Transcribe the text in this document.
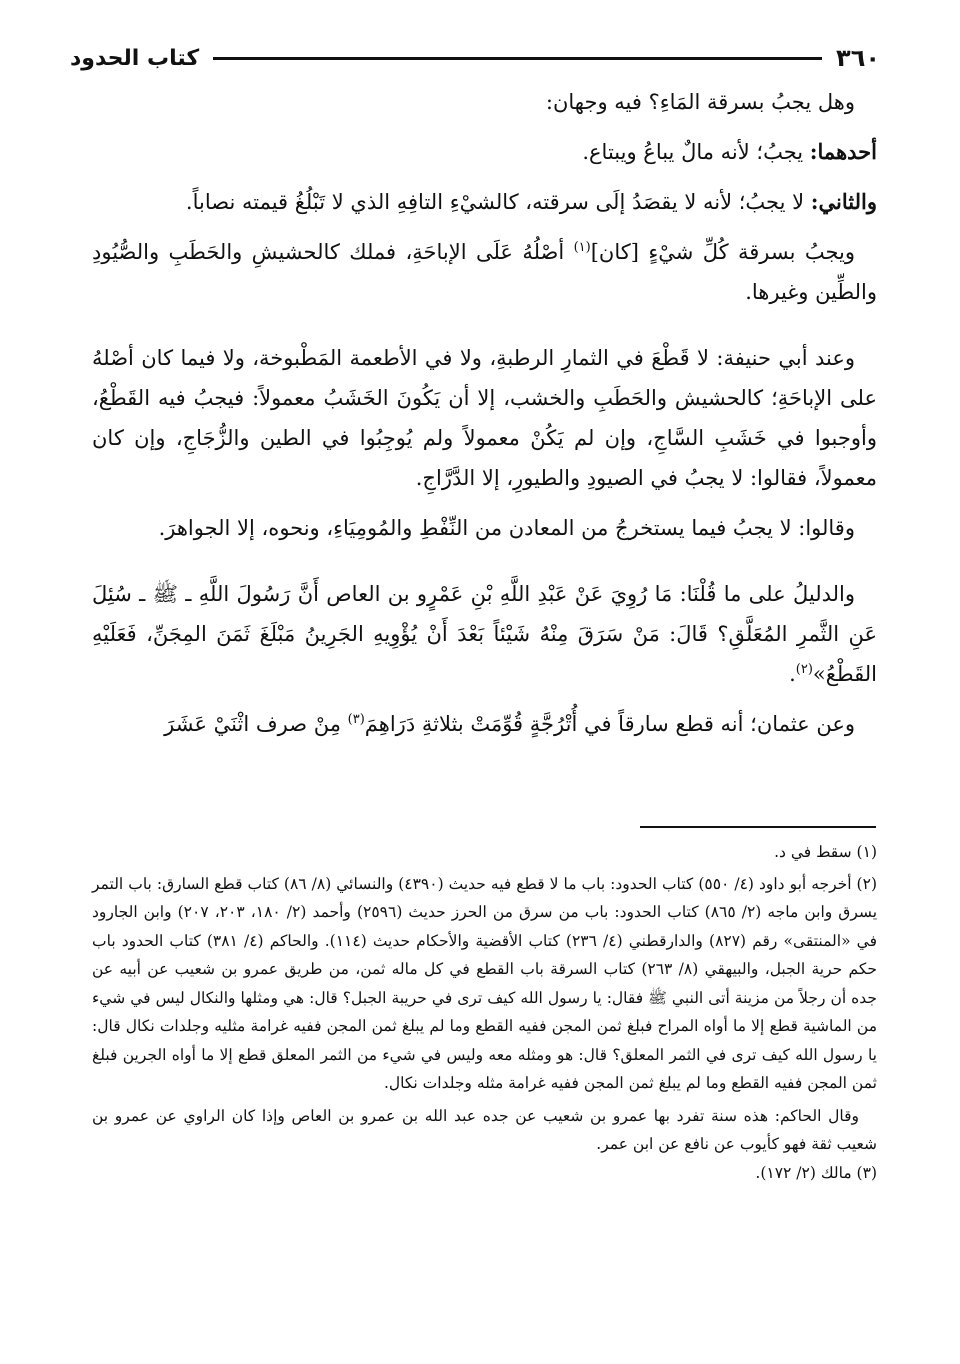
٣٦٠
كتاب الحدود

وهل يجبُ بسرقة المَاءِ؟ فيه وجهان:

أحدهما: يجبُ؛ لأنه مالٌ يباعُ ويبتاع.

والثاني: لا يجبُ؛ لأنه لا يقصَدُ إلَى سرقته، كالشيْءِ التافِهِ الذي لا تَبْلُغُ قيمته نصاباً.

ويجبُ بسرقة كُلِّ شيْءٍ [كان]$^{(١)}$ أصْلُهُ عَلَى الإباحَةِ، فملك كالحشيشِ والحَطَبِ والصُّيُودِ والطِّين وغيرها.

وعند أبي حنيفة: لا قَطْعَ في الثمارِ الرطبةِ، ولا في الأطعمة المَطْبوخة، ولا فيما كان أصْلهُ على الإباحَةِ؛ كالحشيش والحَطَبِ والخشب، إلا أن يَكُونَ الخَشَبُ معمولاً: فيجبُ فيه القَطْعُ، وأوجبوا في خَشَبِ السَّاجِ، وإن لم يَكُنْ معمولاً ولم يُوجِبُوا في الطين والزُّجَاجِ، وإن كان معمولاً، فقالوا: لا يجبُ في الصيودِ والطيورِ، إلا الدَّرَّاجِ.

وقالوا: لا يجبُ فيما يستخرجُ من المعادن من النِّفْطِ والمُومِيَاءِ، ونحوه، إلا الجواهرَ.

والدليلُ على ما قُلْنَا: مَا رُوِيَ عَنْ عَبْدِ اللَّهِ بْنِ عَمْرٍو بن العاص أَنَّ رَسُولَ اللَّهِ ـ ﷺ ـ سُئِلَ عَنِ الثَّمرِ المُعَلَّقِ؟ قَالَ: مَنْ سَرَقَ مِنْهُ شَيْئاً بَعْدَ أَنْ يُؤْوِيهِ الجَرِينُ مَبْلَغَ ثَمَنَ المِجَنِّ، فَعَلَيْهِ القَطْعُ»$^{(٢)}$.

وعن عثمان؛ أنه قطع سارقاً في أُتْرُجَّةٍ قُوِّمَتْ بثلاثةِ دَرَاهِمَ$^{(٣)}$ مِنْ صرف اثْنَيْ عَشَرَ

(١) سقط في د.

(٢) أخرجه أبو داود (٤/ ٥٥٠) كتاب الحدود: باب ما لا قطع فيه حديث (٤٣٩٠) والنسائي (٨/ ٨٦) كتاب قطع السارق: باب التمر يسرق وابن ماجه (٢/ ٨٦٥) كتاب الحدود: باب من سرق من الحرز حديث (٢٥٩٦) وأحمد (٢/ ١٨٠، ٢٠٣، ٢٠٧) وابن الجارود في «المنتقى» رقم (٨٢٧) والدارقطني (٤/ ٢٣٦) كتاب الأقضية والأحكام حديث (١١٤). والحاكم (٤/ ٣٨١) كتاب الحدود باب حكم حرية الجبل، والبيهقي (٨/ ٢٦٣) كتاب السرقة باب القطع في كل ماله ثمن، من طريق عمرو بن شعيب عن أبيه عن جده أن رجلاً من مزينة أتى النبي ﷺ فقال: يا رسول الله كيف ترى في حريبة الجبل؟ قال: هي ومثلها والنكال ليس في شيء من الماشية قطع إلا ما أواه المراح فبلغ ثمن المجن ففيه القطع وما لم يبلغ ثمن المجن ففيه غرامة مثليه وجلدات نكال قال: يا رسول الله كيف ترى في الثمر المعلق؟ قال: هو ومثله معه وليس في شيء من الثمر المعلق قطع إلا ما أواه الجرين فبلغ ثمن المجن ففيه القطع وما لم يبلغ ثمن المجن ففيه غرامة مثله وجلدات نكال.

وقال الحاكم: هذه سنة تفرد بها عمرو بن شعيب عن جده عبد الله بن عمرو بن العاص وإذا كان الراوي عن عمرو بن شعيب ثقة فهو كأيوب عن نافع عن ابن عمر.

(٣) مالك (٢/ ١٧٢).
